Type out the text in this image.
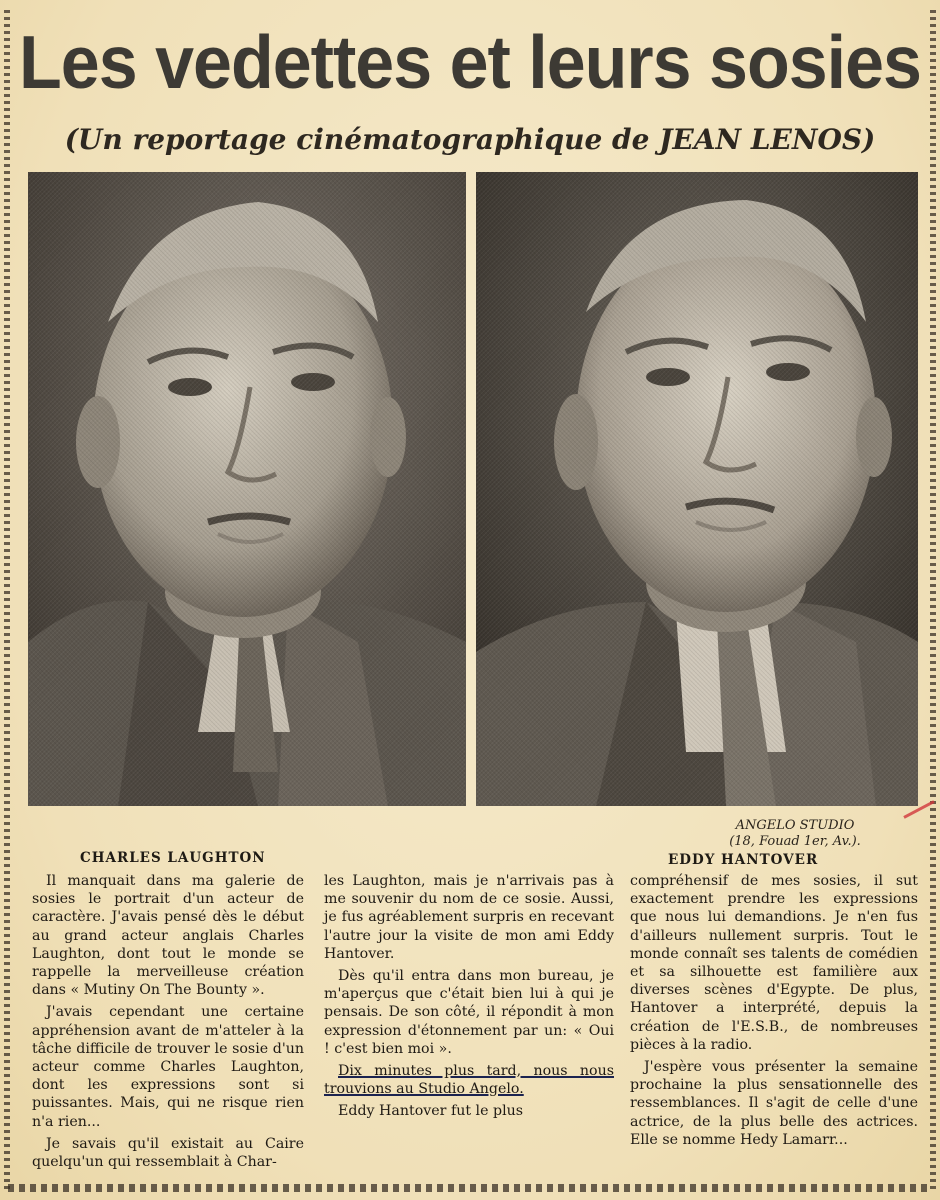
Les vedettes et leurs sosies
(Un reportage cinématographique de JEAN LENOS)
ANGELO STUDIO
(18, Fouad 1er, Av.).
CHARLES LAUGHTON	EDDY HANTOVER

Il manquait dans ma galerie de sosies le portrait d'un acteur de caractère. J'avais pensé dès le début au grand acteur anglais Charles Laughton, dont tout le monde se rappelle la merveilleuse création dans « Mutiny On The Bounty ».

J'avais cependant une certaine appréhension avant de m'atteler à la tâche difficile de trouver le sosie d'un acteur comme Charles Laughton, dont les expressions sont si puissantes. Mais, qui ne risque rien n'a rien...

Je savais qu'il existait au Caire quelqu'un qui ressemblait à Char-

les Laughton, mais je n'arrivais pas à me souvenir du nom de ce sosie. Aussi, je fus agréablement surpris en recevant l'autre jour la visite de mon ami Eddy Hantover.

Dès qu'il entra dans mon bureau, je m'aperçus que c'était bien lui à qui je pensais. De son côté, il répondit à mon expression d'étonnement par un: « Oui ! c'est bien moi ».

Dix minutes plus tard, nous nous trouvions au Studio Angelo.

Eddy Hantover fut le plus

compréhensif de mes sosies, il sut exactement prendre les expressions que nous lui demandions. Je n'en fus d'ailleurs nullement surpris. Tout le monde connaît ses talents de comédien et sa silhouette est familière aux diverses scènes d'Egypte. De plus, Hantover a interprété, depuis la création de l'E.S.B., de nombreuses pièces à la radio.

J'espère vous présenter la semaine prochaine la plus sensationnelle des ressemblances. Il s'agit de celle d'une actrice, de la plus belle des actrices. Elle se nomme Hedy Lamarr...
